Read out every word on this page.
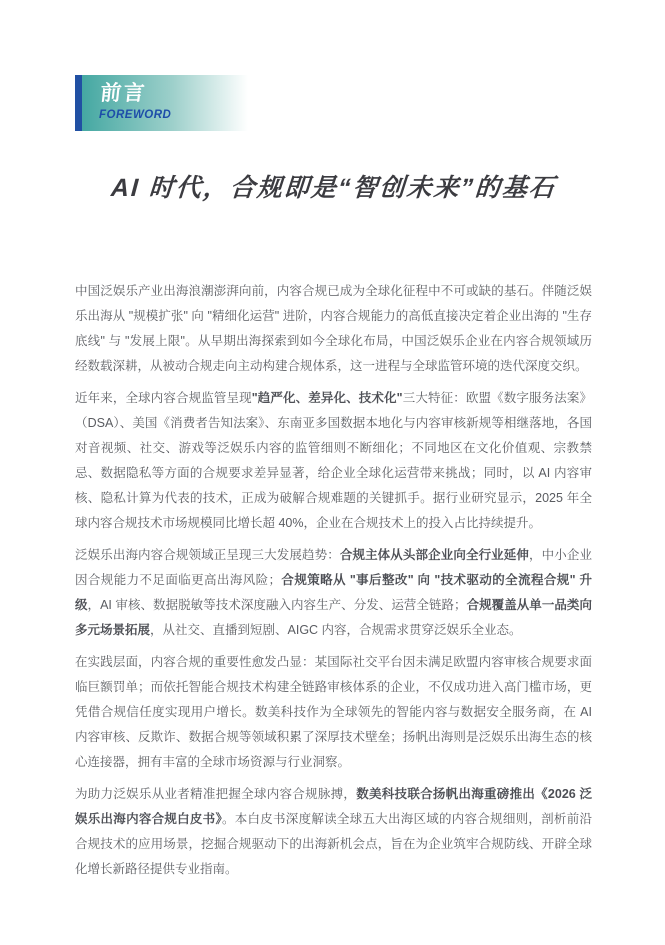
前言
FOREWORD
AI 时代，合规即是“智创未来”的基石

中国泛娱乐产业出海浪潮澎湃向前，内容合规已成为全球化征程中不可或缺的基石。伴随泛娱乐出海从 "规模扩张" 向 "精细化运营" 进阶，内容合规能力的高低直接决定着企业出海的 "生存底线" 与 "发展上限"。从早期出海探索到如今全球化布局，中国泛娱乐企业在内容合规领域历经数载深耕，从被动合规走向主动构建合规体系，这一进程与全球监管环境的迭代深度交织。

近年来，全球内容合规监管呈现"趋严化、差异化、技术化"三大特征：欧盟《数字服务法案》（DSA）、美国《消费者告知法案》、东南亚多国数据本地化与内容审核新规等相继落地，各国对音视频、社交、游戏等泛娱乐内容的监管细则不断细化；不同地区在文化价值观、宗教禁忌、数据隐私等方面的合规要求差异显著，给企业全球化运营带来挑战；同时，以 AI 内容审核、隐私计算为代表的技术，正成为破解合规难题的关键抓手。据行业研究显示，2025 年全球内容合规技术市场规模同比增长超 40%，企业在合规技术上的投入占比持续提升。

泛娱乐出海内容合规领域正呈现三大发展趋势：合规主体从头部企业向全行业延伸，中小企业因合规能力不足面临更高出海风险；合规策略从 "事后整改" 向 "技术驱动的全流程合规" 升级，AI 审核、数据脱敏等技术深度融入内容生产、分发、运营全链路；合规覆盖从单一品类向多元场景拓展，从社交、直播到短剧、AIGC 内容，合规需求贯穿泛娱乐全业态。

在实践层面，内容合规的重要性愈发凸显：某国际社交平台因未满足欧盟内容审核合规要求面临巨额罚单；而依托智能合规技术构建全链路审核体系的企业，不仅成功进入高门槛市场，更凭借合规信任度实现用户增长。数美科技作为全球领先的智能内容与数据安全服务商，在 AI 内容审核、反欺诈、数据合规等领域积累了深厚技术壁垒；扬帆出海则是泛娱乐出海生态的核心连接器，拥有丰富的全球市场资源与行业洞察。

为助力泛娱乐从业者精准把握全球内容合规脉搏，数美科技联合扬帆出海重磅推出《2026 泛娱乐出海内容合规白皮书》。本白皮书深度解读全球五大出海区域的内容合规细则，剖析前沿合规技术的应用场景，挖掘合规驱动下的出海新机会点，旨在为企业筑牢合规防线、开辟全球化增长新路径提供专业指南。
